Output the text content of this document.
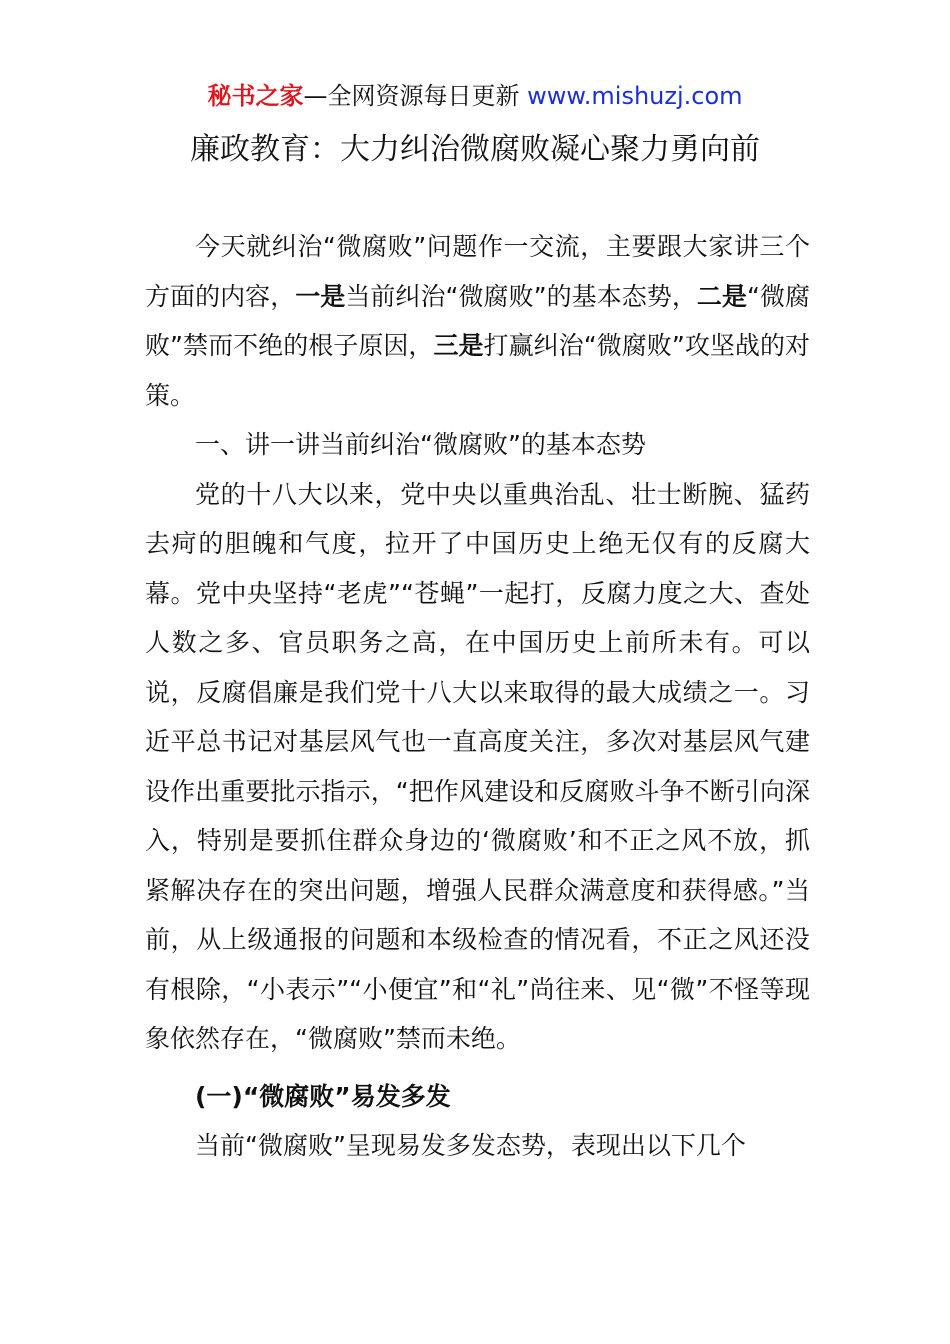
秘书之家—全网资源每日更新 www.mishuzj.com
廉政教育：大力纠治微腐败凝心聚力勇向前

今天就纠治“微腐败”问题作一交流，主要跟大家讲三个方面的内容，一是当前纠治“微腐败”的基本态势，二是“微腐败”禁而不绝的根子原因，三是打赢纠治“微腐败”攻坚战的对策。

一、讲一讲当前纠治“微腐败”的基本态势

党的十八大以来，党中央以重典治乱、壮士断腕、猛药去疴的胆魄和气度，拉开了中国历史上绝无仅有的反腐大幕。党中央坚持“老虎”“苍蝇”一起打，反腐力度之大、查处人数之多、官员职务之高，在中国历史上前所未有。可以说，反腐倡廉是我们党十八大以来取得的最大成绩之一。习近平总书记对基层风气也一直高度关注，多次对基层风气建设作出重要批示指示，“把作风建设和反腐败斗争不断引向深入，特别是要抓住群众身边的‘微腐败’和不正之风不放，抓紧解决存在的突出问题，增强人民群众满意度和获得感。”当前，从上级通报的问题和本级检查的情况看，不正之风还没有根除，“小表示”“小便宜”和“礼”尚往来、见“微”不怪等现象依然存在，“微腐败”禁而未绝。

(一)“微腐败”易发多发

当前“微腐败”呈现易发多发态势，表现出以下几个
